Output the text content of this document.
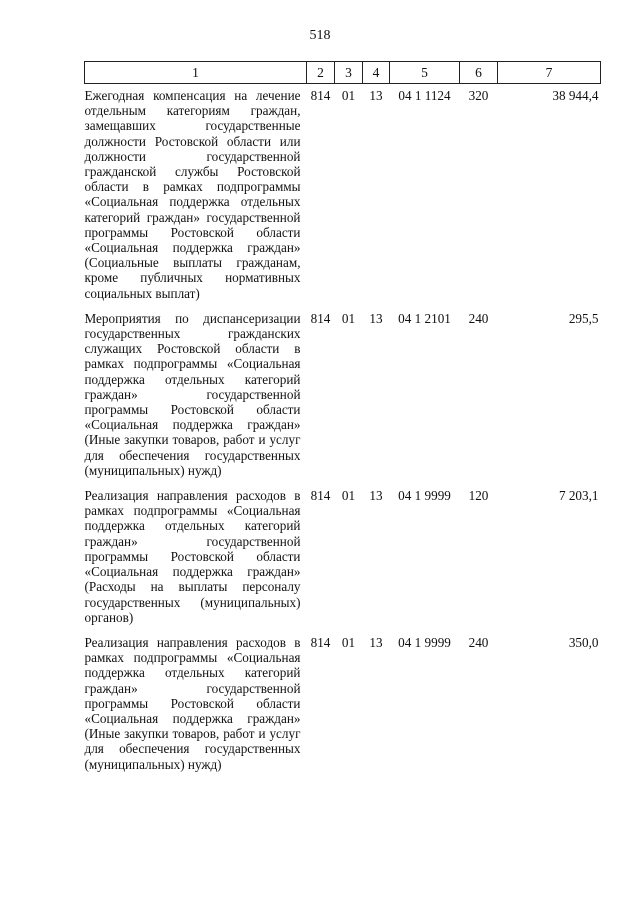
518
1	2	3	4	5	6	7
Ежегодная компенсация на лечение отдельным категориям граждан, замещавших государственные должности Ростовской области или должности государственной гражданской службы Ростовской области в рамках подпрограммы «Социальная поддержка отдельных категорий граждан» государственной программы Ростовской области «Социальная поддержка граждан» (Социальные выплаты гражданам, кроме публичных нормативных социальных выплат)	814	01	13	04 1 1124	320	38 944,4
Мероприятия по диспансеризации государственных гражданских служащих Ростовской области в рамках подпрограммы «Социальная поддержка отдельных категорий граждан» государственной программы Ростовской области «Социальная поддержка граждан» (Иные закупки товаров, работ и услуг для обеспечения государственных (муниципальных) нужд)	814	01	13	04 1 2101	240	295,5
Реализация направления расходов в рамках подпрограммы «Социальная поддержка отдельных категорий граждан» государственной программы Ростовской области «Социальная поддержка граждан» (Расходы на выплаты персоналу государственных (муниципальных) органов)	814	01	13	04 1 9999	120	7 203,1
Реализация направления расходов в рамках подпрограммы «Социальная поддержка отдельных категорий граждан» государственной программы Ростовской области «Социальная поддержка граждан» (Иные закупки товаров, работ и услуг для обеспечения государственных (муниципальных) нужд)	814	01	13	04 1 9999	240	350,0
